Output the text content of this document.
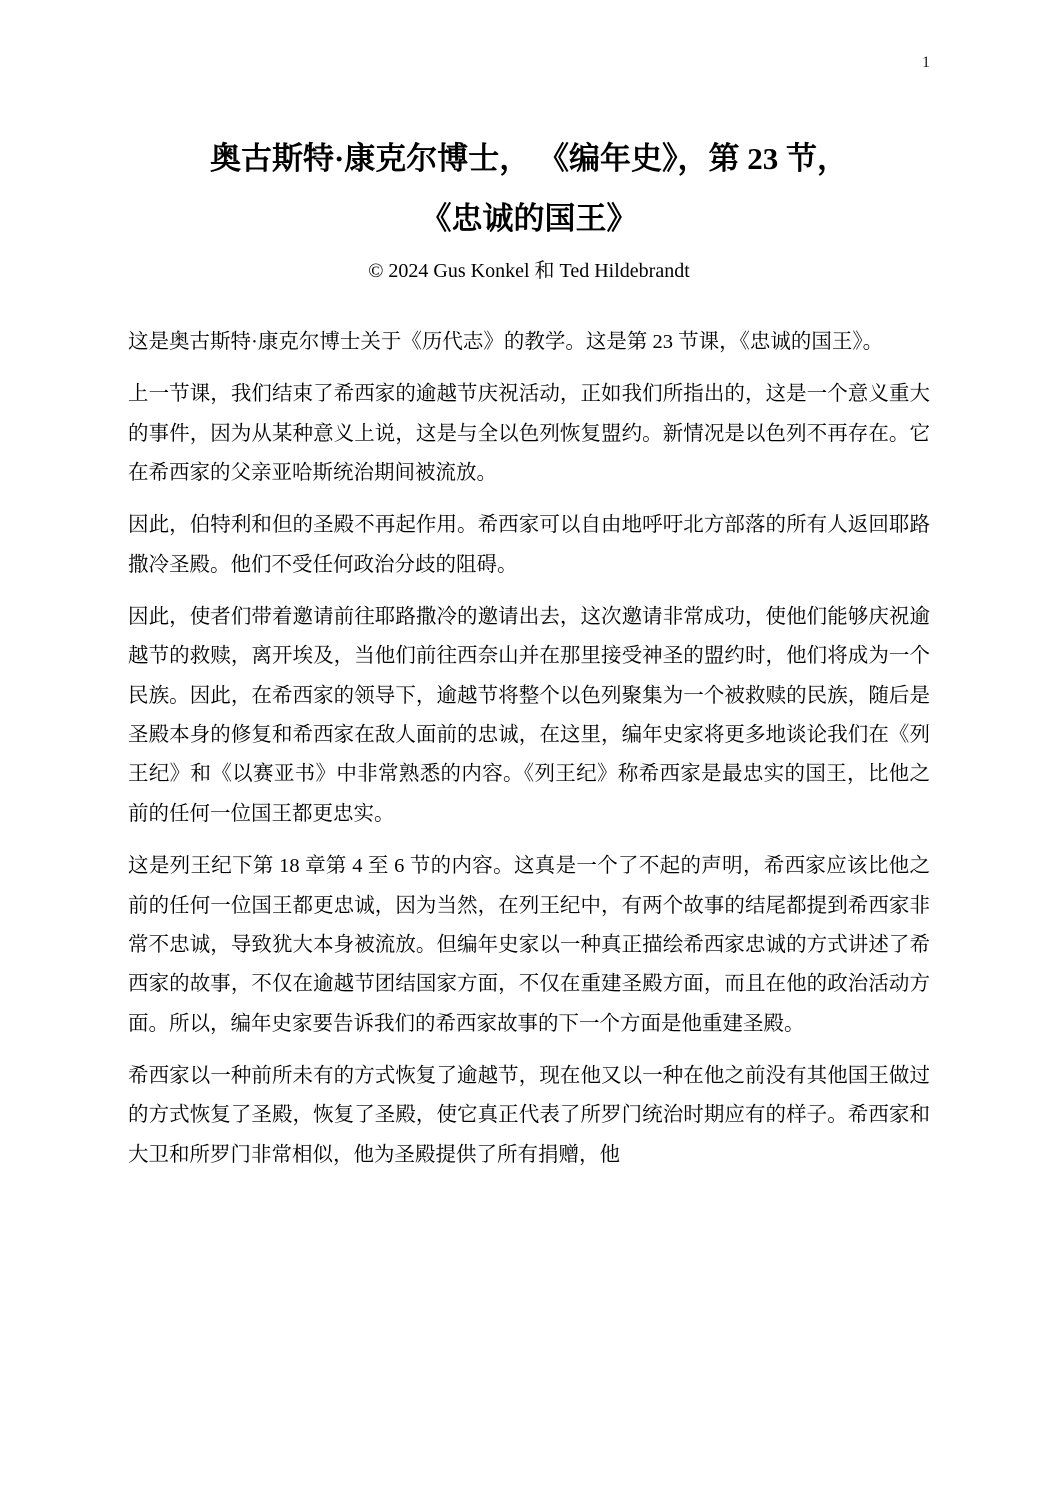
1
奥古斯特·康克尔博士， 《编年史》，第 23 节，
《忠诚的国王》
© 2024 Gus Konkel 和 Ted Hildebrandt

这是奥古斯特·康克尔博士关于《历代志》的教学。这是第 23 节课，《忠诚的国王》。

上一节课，我们结束了希西家的逾越节庆祝活动，正如我们所指出的，这是一个意义重大的事件，因为从某种意义上说，这是与全以色列恢复盟约。新情况是以色列不再存在。它在希西家的父亲亚哈斯统治期间被流放。

因此，伯特利和但的圣殿不再起作用。希西家可以自由地呼吁北方部落的所有人返回耶路撒冷圣殿。他们不受任何政治分歧的阻碍。

因此，使者们带着邀请前往耶路撒冷的邀请出去，这次邀请非常成功，使他们能够庆祝逾越节的救赎，离开埃及，当他们前往西奈山并在那里接受神圣的盟约时，他们将成为一个民族。因此，在希西家的领导下，逾越节将整个以色列聚集为一个被救赎的民族，随后是圣殿本身的修复和希西家在敌人面前的忠诚，在这里，编年史家将更多地谈论我们在《列王纪》和《以赛亚书》中非常熟悉的内容。《列王纪》称希西家是最忠实的国王，比他之前的任何一位国王都更忠实。

这是列王纪下第 18 章第 4 至 6 节的内容。这真是一个了不起的声明，希西家应该比他之前的任何一位国王都更忠诚，因为当然，在列王纪中，有两个故事的结尾都提到希西家非常不忠诚，导致犹大本身被流放。但编年史家以一种真正描绘希西家忠诚的方式讲述了希西家的故事，不仅在逾越节团结国家方面，不仅在重建圣殿方面，而且在他的政治活动方面。所以，编年史家要告诉我们的希西家故事的下一个方面是他重建圣殿。

希西家以一种前所未有的方式恢复了逾越节，现在他又以一种在他之前没有其他国王做过的方式恢复了圣殿，恢复了圣殿，使它真正代表了所罗门统治时期应有的样子。希西家和大卫和所罗门非常相似，他为圣殿提供了所有捐赠，他
